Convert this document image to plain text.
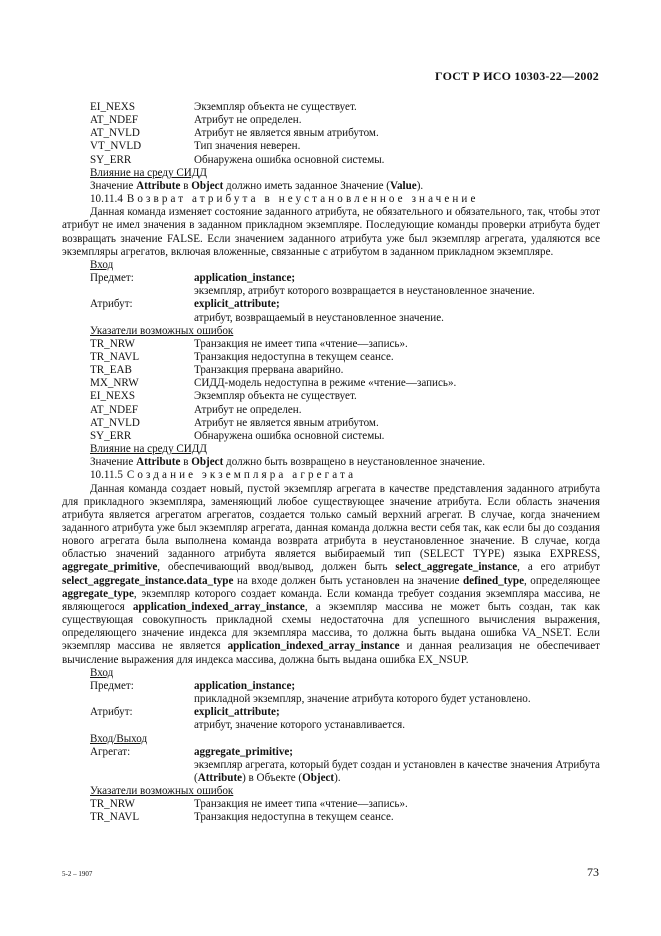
ГОСТ Р ИСО 10303-22—2002
EI_NEXS	Экземпляр объекта не существует.
AT_NDEF	Атрибут не определен.
AT_NVLD	Атрибут не является явным атрибутом.
VT_NVLD	Тип значения неверен.
SY_ERR	Обнаружена ошибка основной системы.
Влияние на среду СИДД
Значение Attribute в Object должно иметь заданное Значение (Value).
10.11.4 Возврат атрибута в неустановленное значение
Данная команда изменяет состояние заданного атрибута, не обязательного и обязательного, так, чтобы этот атрибут не имел значения в заданном прикладном экземпляре. Последующие команды проверки атрибута будет возвращать значение FALSE. Если значением заданного атрибута уже был экземпляр агрегата, удаляются все экземпляры агрегатов, включая вложенные, связанные с атрибутом в заданном прикладном экземпляре.
Вход
Предмет:	application_instance;
экземпляр, атрибут которого возвращается в неустановленное значение.
Атрибут:	explicit_attribute;
атрибут, возвращаемый в неустановленное значение.
Указатели возможных ошибок
TR_NRW	Транзакция не имеет типа «чтение—запись».
TR_NAVL	Транзакция недоступна в текущем сеансе.
TR_EAB	Транзакция прервана аварийно.
MX_NRW	СИДД-модель недоступна в режиме «чтение—запись».
EI_NEXS	Экземпляр объекта не существует.
AT_NDEF	Атрибут не определен.
AT_NVLD	Атрибут не является явным атрибутом.
SY_ERR	Обнаружена ошибка основной системы.
Влияние на среду СИДД
Значение Attribute в Object должно быть возвращено в неустановленное значение.
10.11.5 Создание экземпляра агрегата
Данная команда создает новый, пустой экземпляр агрегата в качестве представления заданного атрибута для прикладного экземпляра, заменяющий любое существующее значение атрибута. Если область значения атрибута является агрегатом агрегатов, создается только самый верхний агрегат. В случае, когда значением заданного атрибута уже был экземпляр агрегата, данная команда должна вести себя так, как если бы до создания нового агрегата была выполнена команда возврата атрибута в неустановленное значение. В случае, когда областью значений заданного атрибута является выбираемый тип (SELECT TYPE) языка EXPRESS, aggregate_primitive, обеспечивающий ввод/вывод, должен быть select_aggregate_instance, а его атрибут select_aggregate_instance.data_type на входе должен быть установлен на значение defined_type, определяющее aggregate_type, экземпляр которого создает команда. Если команда требует создания экземпляра массива, не являющегося application_indexed_array_instance, а экземпляр массива не может быть создан, так как существующая совокупность прикладной схемы недостаточна для успешного вычисления выражения, определяющего значение индекса для экземпляра массива, то должна быть выдана ошибка VA_NSET. Если экземпляр массива не является application_indexed_array_instance и данная реализация не обеспечивает вычисление выражения для индекса массива, должна быть выдана ошибка EX_NSUP.
Вход
Предмет:	application_instance;
прикладной экземпляр, значение атрибута которого будет установлено.
Атрибут:	explicit_attribute;
атрибут, значение которого устанавливается.
Вход/Выход
Агрегат:	aggregate_primitive;
экземпляр агрегата, который будет создан и установлен в качестве значения Атрибута (Attribute) в Объекте (Object).
Указатели возможных ошибок
TR_NRW	Транзакция не имеет типа «чтение—запись».
TR_NAVL	Транзакция недоступна в текущем сеансе.
5-2 – 1907	73
